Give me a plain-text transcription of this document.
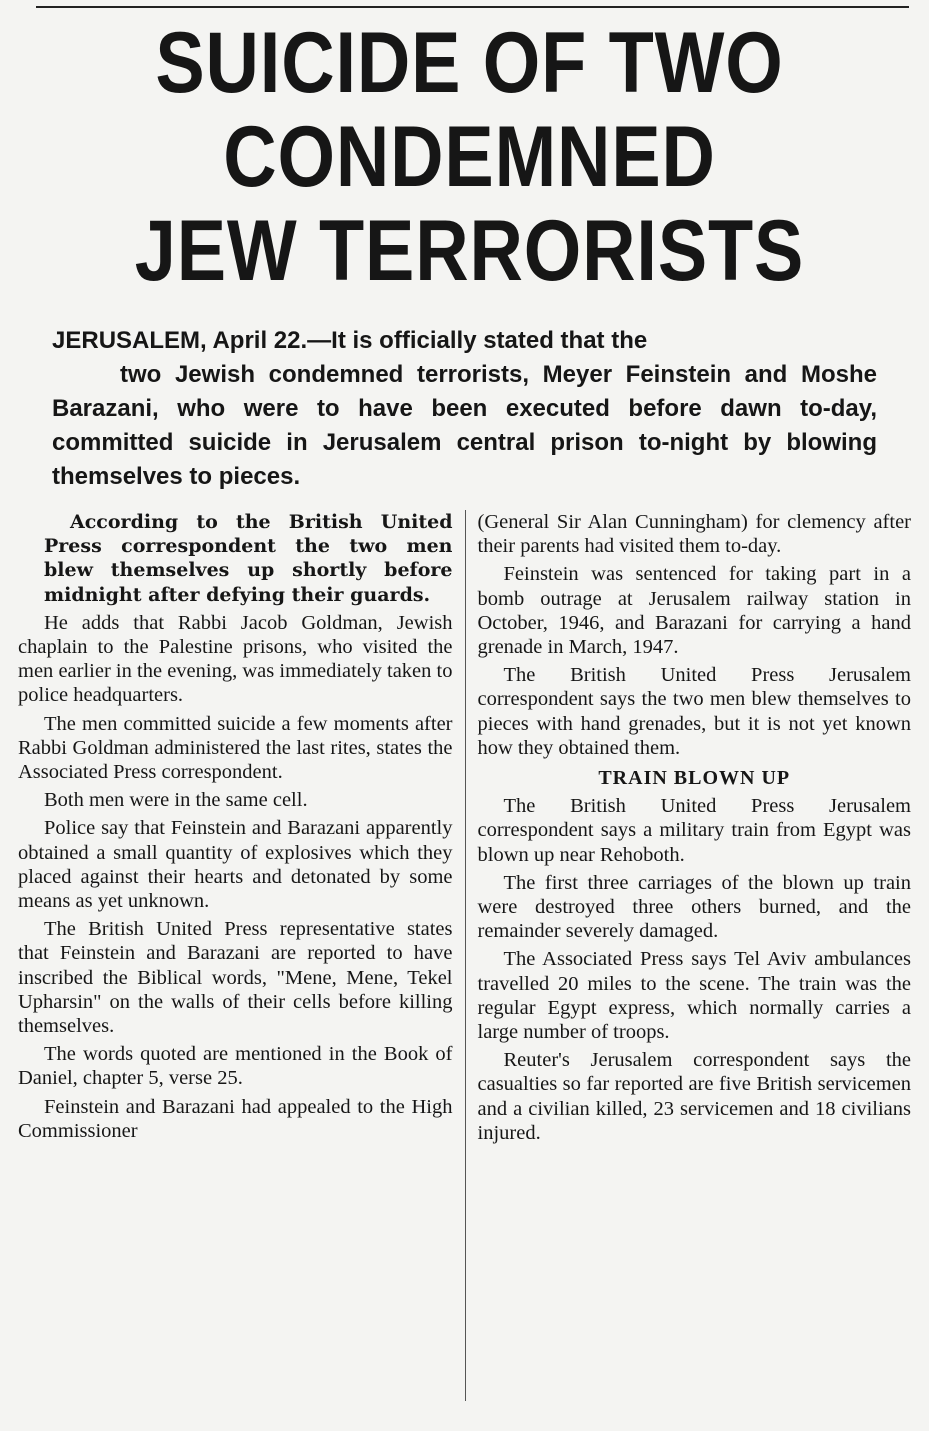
SUICIDE OF TWO
CONDEMNED
JEW TERRORISTS
JERUSALEM, April 22.—It is officially stated that the
two Jewish condemned terrorists, Meyer Feinstein and Moshe Barazani, who were to have been executed before dawn to-day, committed suicide in Jerusalem central prison to-night by blowing themselves to pieces.

According to the British United Press correspondent the two men blew themselves up shortly before midnight after defying their guards.

He adds that Rabbi Jacob Goldman, Jewish chaplain to the Palestine prisons, who visited the men earlier in the evening, was immediately taken to police headquarters.

The men committed suicide a few moments after Rabbi Goldman administered the last rites, states the Associated Press correspondent.

Both men were in the same cell.

Police say that Feinstein and Barazani apparently obtained a small quantity of explosives which they placed against their hearts and detonated by some means as yet unknown.

The British United Press representative states that Feinstein and Barazani are reported to have inscribed the Biblical words, "Mene, Mene, Tekel Upharsin" on the walls of their cells before killing themselves.

The words quoted are mentioned in the Book of Daniel, chapter 5, verse 25.

Feinstein and Barazani had appealed to the High Commissioner

(General Sir Alan Cunningham) for clemency after their parents had visited them to-day.

Feinstein was sentenced for taking part in a bomb outrage at Jerusalem railway station in October, 1946, and Barazani for carrying a hand grenade in March, 1947.

The British United Press Jerusalem correspondent says the two men blew themselves to pieces with hand grenades, but it is not yet known how they obtained them.

TRAIN BLOWN UP

The British United Press Jerusalem correspondent says a military train from Egypt was blown up near Rehoboth.

The first three carriages of the blown up train were destroyed three others burned, and the remainder severely damaged.

The Associated Press says Tel Aviv ambulances travelled 20 miles to the scene. The train was the regular Egypt express, which normally carries a large number of troops.

Reuter's Jerusalem correspondent says the casualties so far reported are five British servicemen and a civilian killed, 23 servicemen and 18 civilians injured.
